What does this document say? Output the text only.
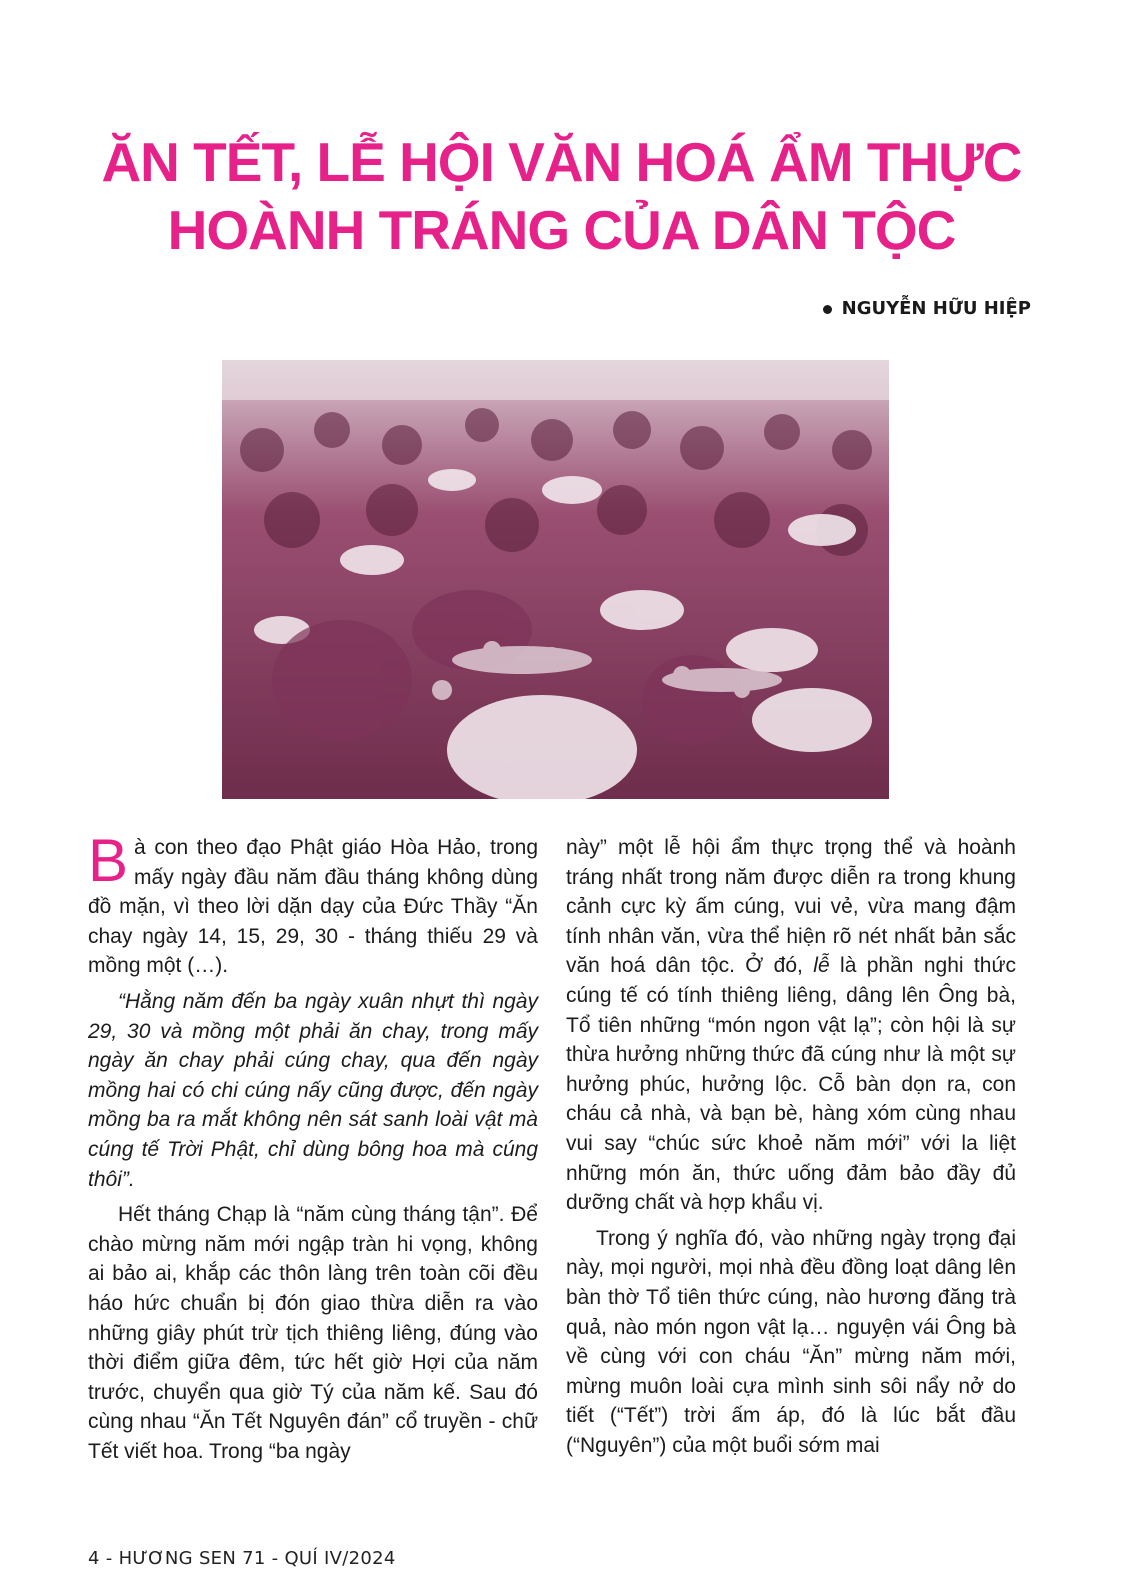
ĂN TẾT, LỄ HỘI VĂN HOÁ ẨM THỰC
HOÀNH TRÁNG CỦA DÂN TỘC
NGUYỄN HỮU HIỆP

Bà con theo đạo Phật giáo Hòa Hảo, trong mấy ngày đầu năm đầu tháng không dùng đồ mặn, vì theo lời dặn dạy của Đức Thầy “Ăn chay ngày 14, 15, 29, 30 - tháng thiếu 29 và mồng một (…).

“Hằng năm đến ba ngày xuân nhựt thì ngày 29, 30 và mồng một phải ăn chay, trong mấy ngày ăn chay phải cúng chay, qua đến ngày mồng hai có chi cúng nấy cũng được, đến ngày mồng ba ra mắt không nên sát sanh loài vật mà cúng tế Trời Phật, chỉ dùng bông hoa mà cúng thôi”.

Hết tháng Chạp là “năm cùng tháng tận”. Để chào mừng năm mới ngập tràn hi vọng, không ai bảo ai, khắp các thôn làng trên toàn cõi đều háo hức chuẩn bị đón giao thừa diễn ra vào những giây phút trừ tịch thiêng liêng, đúng vào thời điểm giữa đêm, tức hết giờ Hợi của năm trước, chuyển qua giờ Tý của năm kế. Sau đó cùng nhau “Ăn Tết Nguyên đán” cổ truyền - chữ Tết viết hoa. Trong “ba ngày

này” một lễ hội ẩm thực trọng thể và hoành tráng nhất trong năm được diễn ra trong khung cảnh cực kỳ ấm cúng, vui vẻ, vừa mang đậm tính nhân văn, vừa thể hiện rõ nét nhất bản sắc văn hoá dân tộc. Ở đó, lễ là phần nghi thức cúng tế có tính thiêng liêng, dâng lên Ông bà, Tổ tiên những “món ngon vật lạ”; còn hội là sự thừa hưởng những thức đã cúng như là một sự hưởng phúc, hưởng lộc. Cỗ bàn dọn ra, con cháu cả nhà, và bạn bè, hàng xóm cùng nhau vui say “chúc sức khoẻ năm mới” với la liệt những món ăn, thức uống đảm bảo đầy đủ dưỡng chất và hợp khẩu vị.

Trong ý nghĩa đó, vào những ngày trọng đại này, mọi người, mọi nhà đều đồng loạt dâng lên bàn thờ Tổ tiên thức cúng, nào hương đăng trà quả, nào món ngon vật lạ… nguyện vái Ông bà về cùng với con cháu “Ăn” mừng năm mới, mừng muôn loài cựa mình sinh sôi nẩy nở do tiết (“Tết”) trời ấm áp, đó là lúc bắt đầu (“Nguyên”) của một buổi sớm mai

4 - HƯƠNG SEN 71 - QUÍ IV/2024
